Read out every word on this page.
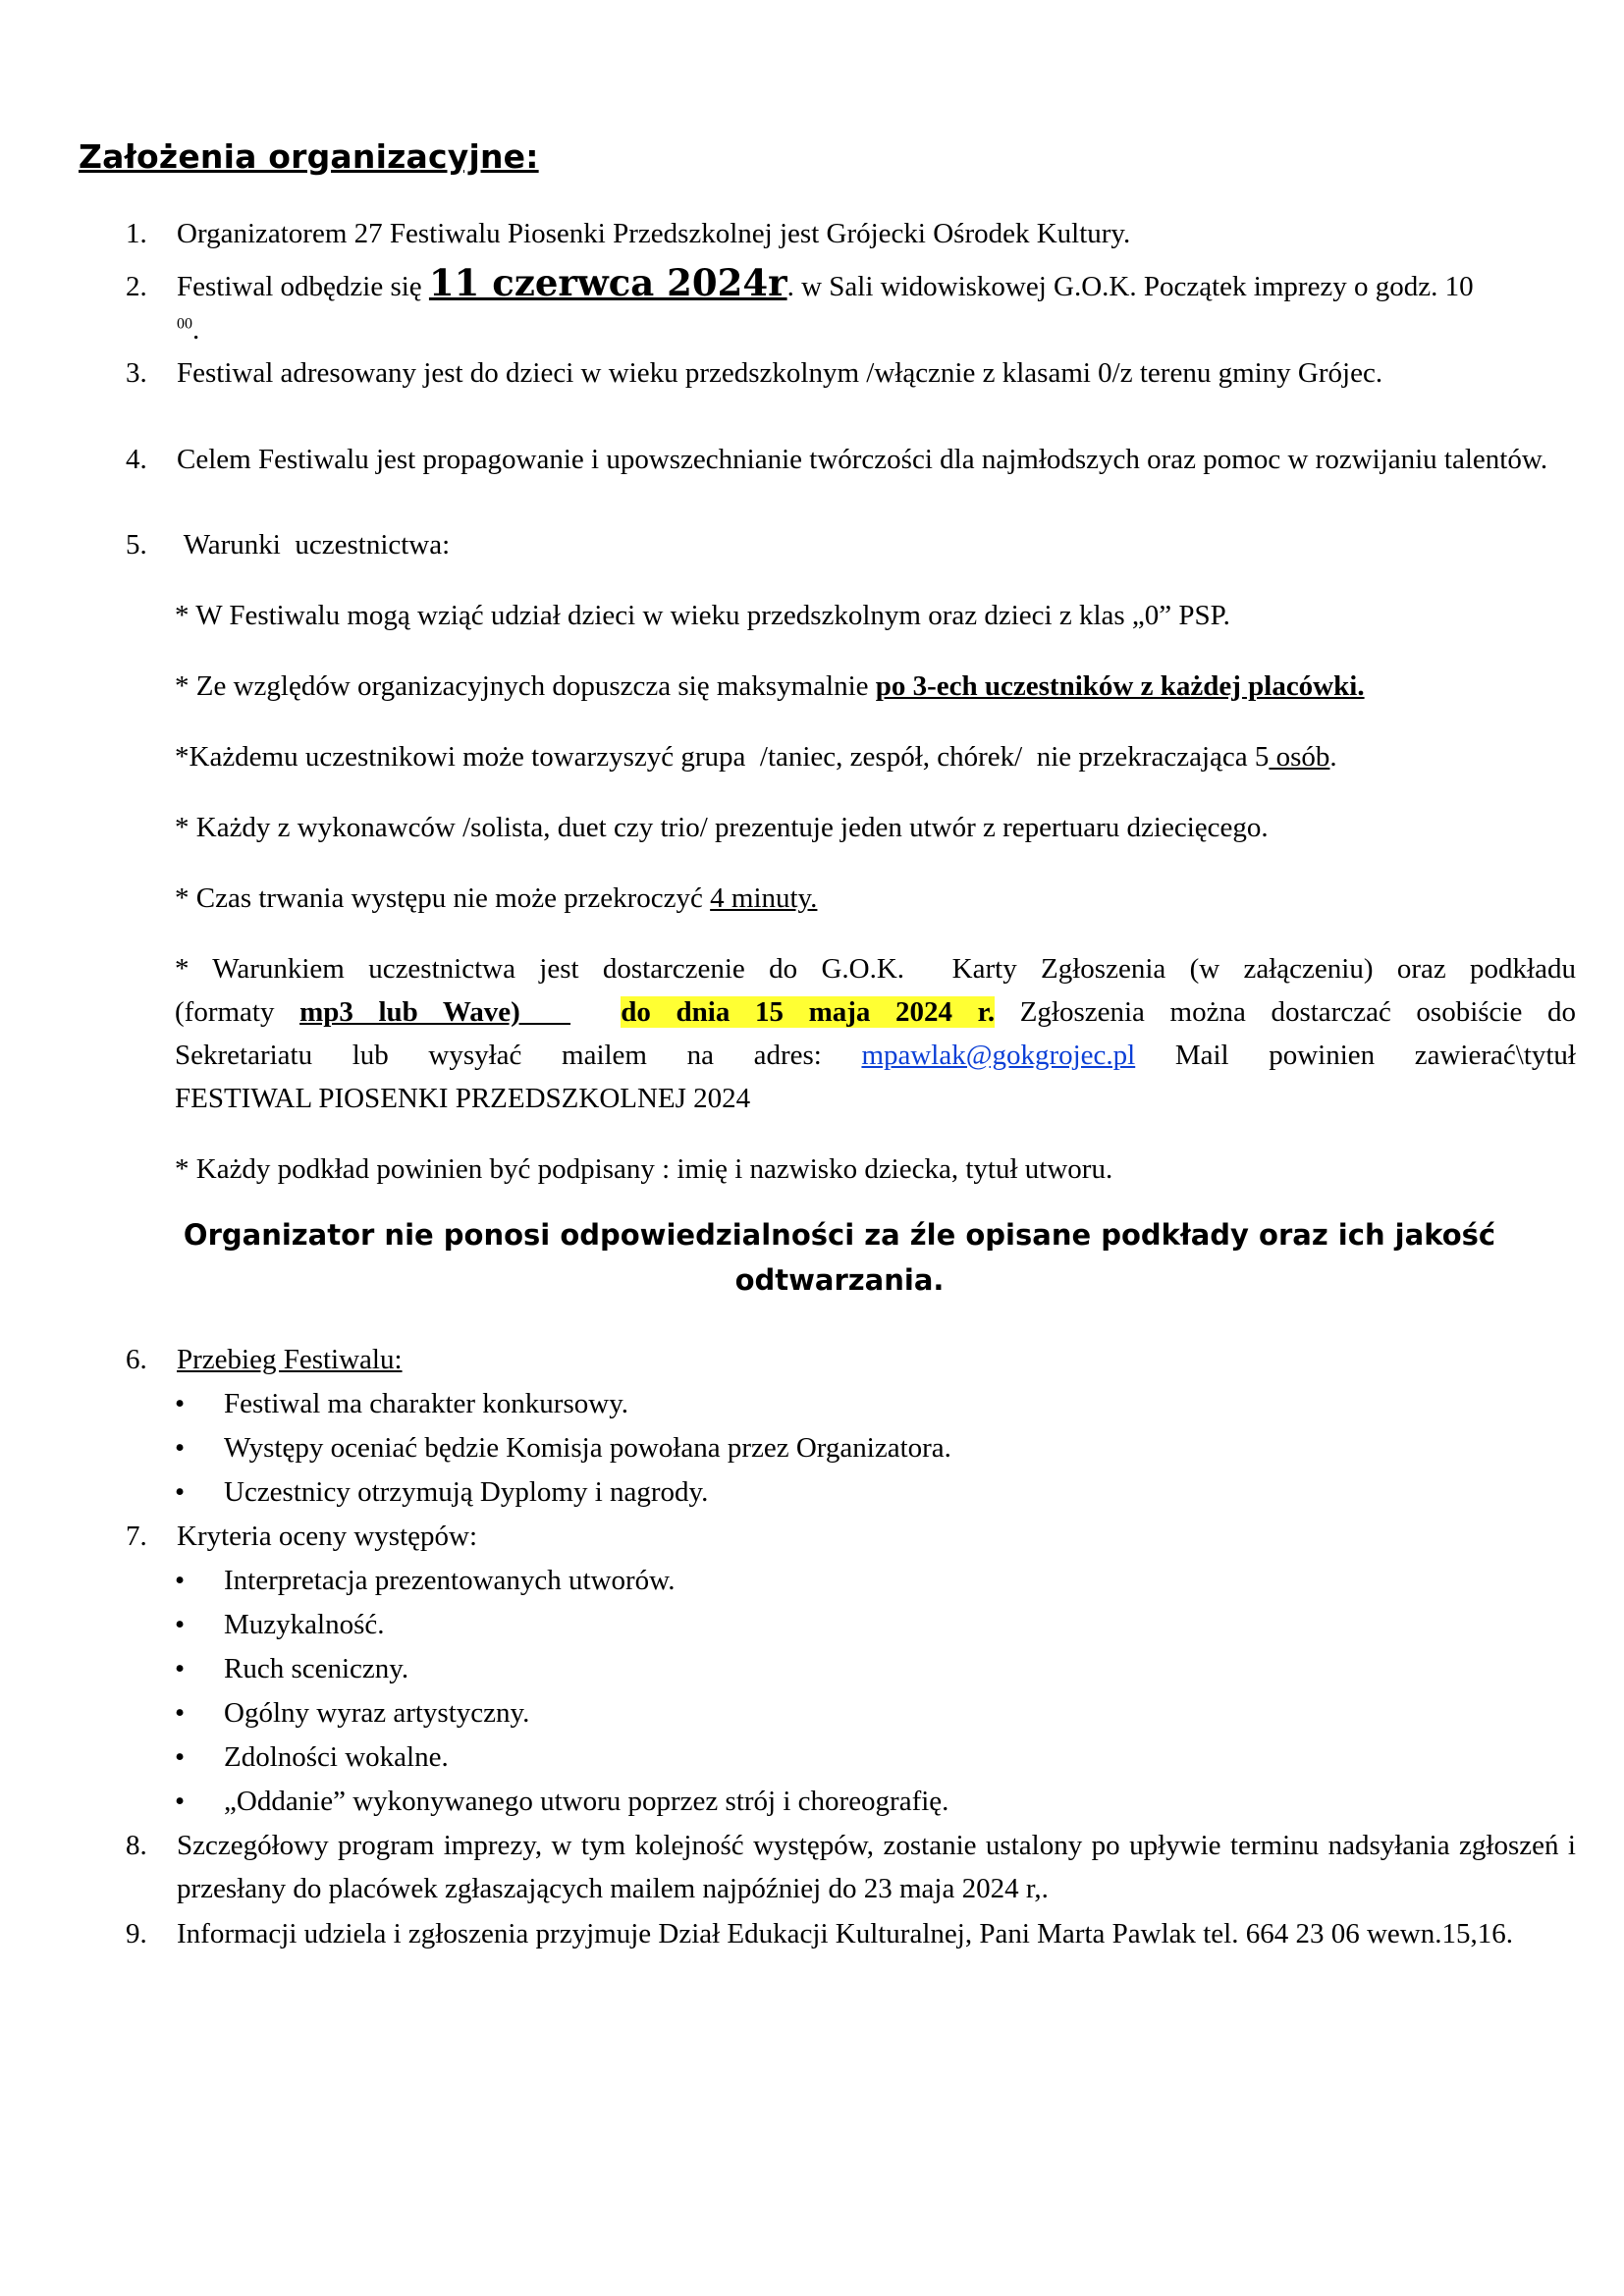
Założenia organizacyjne:
1.	Organizatorem 27 Festiwalu Piosenki Przedszkolnej jest Grójecki Ośrodek Kultury.
2.	Festiwal odbędzie się 11 czerwca 2024r. w Sali widowiskowej G.O.K. Początek imprezy o godz. 10
$^{00}$.
3.	Festiwal adresowany jest do dzieci w wieku przedszkolnym /włącznie z klasami 0/z terenu gminy Grójec.
4.	Celem Festiwalu jest propagowanie i upowszechnianie twórczości dla najmłodszych oraz pomoc w rozwijaniu talentów.
5.	Warunki  uczestnictwa:
* W Festiwalu mogą wziąć udział dzieci w wieku przedszkolnym oraz dzieci z klas „0” PSP.
* Ze względów organizacyjnych dopuszcza się maksymalnie po 3-ech uczestników z każdej placówki.
*Każdemu uczestnikowi może towarzyszyć grupa  /taniec, zespół, chórek/  nie przekraczająca 5 osób.
* Każdy z wykonawców /solista, duet czy trio/ prezentuje jeden utwór z repertuaru dziecięcego.
* Czas trwania występu nie może przekroczyć 4 minuty.
* Warunkiem uczestnictwa jest dostarczenie do G.O.K.  Karty Zgłoszenia (w załączeniu) oraz podkładu
(formaty mp3 lub Wave)    do dnia 15 maja 2024 r. Zgłoszenia można dostarczać osobiście do
Sekretariatu lub wysyłać mailem na adres: mpawlak@gokgrojec.pl Mail powinien zawierać\tytuł
FESTIWAL PIOSENKI PRZEDSZKOLNEJ 2024
* Każdy podkład powinien być podpisany : imię i nazwisko dziecka, tytuł utworu.
Organizator nie ponosi odpowiedzialności za źle opisane podkłady oraz ich jakość
odtwarzania.
6.	Przebieg Festiwalu:
• Festiwal ma charakter konkursowy.
• Występy oceniać będzie Komisja powołana przez Organizatora.
• Uczestnicy otrzymują Dyplomy i nagrody.
7.	Kryteria oceny występów:
• Interpretacja prezentowanych utworów.
• Muzykalność.
• Ruch sceniczny.
• Ogólny wyraz artystyczny.
• Zdolności wokalne.
• „Oddanie” wykonywanego utworu poprzez strój i choreografię.
8.	Szczegółowy program imprezy, w tym kolejność występów, zostanie ustalony po upływie terminu nadsyłania zgłoszeń i przesłany do placówek zgłaszających mailem najpóźniej do 23 maja 2024 r,.
9.	Informacji udziela i zgłoszenia przyjmuje Dział Edukacji Kulturalnej, Pani Marta Pawlak tel. 664 23 06 wewn.15,16.
